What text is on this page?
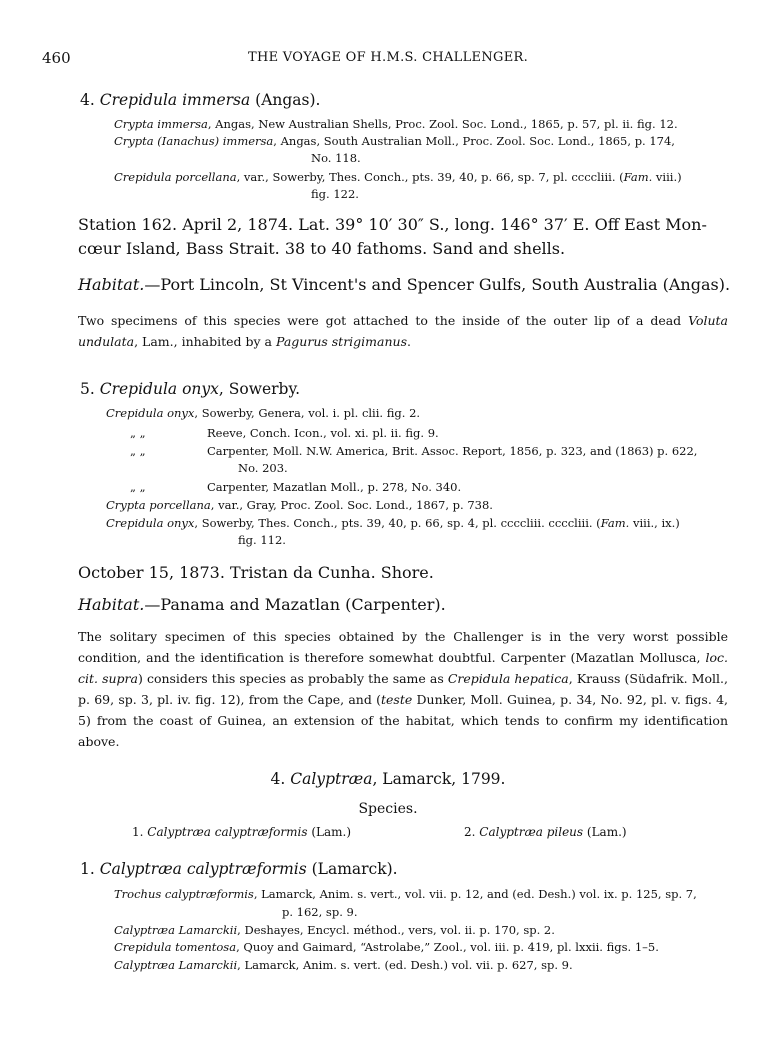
460	THE VOYAGE OF H.M.S. CHALLENGER.
4. Crepidula immersa (Angas).
Crypta immersa, Angas, New Australian Shells, Proc. Zool. Soc. Lond., 1865, p. 57, pl. ii. fig. 12.
Crypta (Ianachus) immersa, Angas, South Australian Moll., Proc. Zool. Soc. Lond., 1865, p. 174,
No. 118.
Crepidula porcellana, var., Sowerby, Thes. Conch., pts. 39, 40, p. 66, sp. 7, pl. ccccliii. (Fam. viii.)
fig. 122.
Station 162. April 2, 1874. Lat. 39° 10′ 30″ S., long. 146° 37′ E. Off East Mon-
cœur Island, Bass Strait. 38 to 40 fathoms. Sand and shells.
Habitat.—Port Lincoln, St Vincent's and Spencer Gulfs, South Australia (Angas).
Two specimens of this species were got attached to the inside of the outer lip of a dead Voluta undulata, Lam., inhabited by a Pagurus strigimanus.
5. Crepidula onyx, Sowerby.
Crepidula onyx, Sowerby, Genera, vol. i. pl. clii. fig. 2.
„ „	Reeve, Conch. Icon., vol. xi. pl. ii. fig. 9.
„ „	Carpenter, Moll. N.W. America, Brit. Assoc. Report, 1856, p. 323, and (1863) p. 622,
No. 203.
„ „	Carpenter, Mazatlan Moll., p. 278, No. 340.
Crypta porcellana, var., Gray, Proc. Zool. Soc. Lond., 1867, p. 738.
Crepidula onyx, Sowerby, Thes. Conch., pts. 39, 40, p. 66, sp. 4, pl. ccccliii. ccccliii. (Fam. viii., ix.)
fig. 112.
October 15, 1873. Tristan da Cunha. Shore.
Habitat.—Panama and Mazatlan (Carpenter).
The solitary specimen of this species obtained by the Challenger is in the very worst possible condition, and the identification is therefore somewhat doubtful. Carpenter (Mazatlan Mollusca, loc. cit. supra) considers this species as probably the same as Crepidula hepatica, Krauss (Südafrik. Moll., p. 69, sp. 3, pl. iv. fig. 12), from the Cape, and (teste Dunker, Moll. Guinea, p. 34, No. 92, pl. v. figs. 4, 5) from the coast of Guinea, an extension of the habitat, which tends to confirm my identification above.
4. Calyptræa, Lamarck, 1799.
Species.
1. Calyptræa calyptræformis (Lam.)	2. Calyptræa pileus (Lam.)
1. Calyptræa calyptræformis (Lamarck).
Trochus calyptræformis, Lamarck, Anim. s. vert., vol. vii. p. 12, and (ed. Desh.) vol. ix. p. 125, sp. 7,
p. 162, sp. 9.
Calyptræa Lamarckii, Deshayes, Encycl. méthod., vers, vol. ii. p. 170, sp. 2.
Crepidula tomentosa, Quoy and Gaimard, “Astrolabe,” Zool., vol. iii. p. 419, pl. lxxii. figs. 1–5.
Calyptræa Lamarckii, Lamarck, Anim. s. vert. (ed. Desh.) vol. vii. p. 627, sp. 9.
